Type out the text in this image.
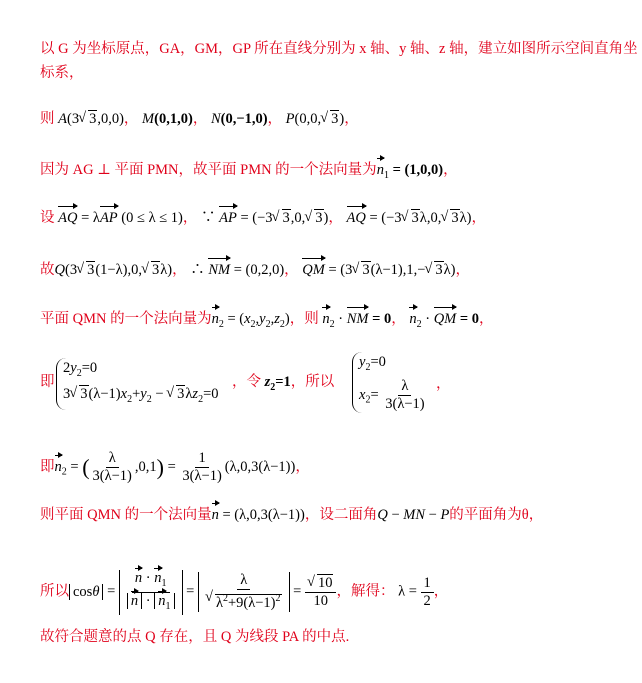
以 G 为坐标原点，GA，GM，GP 所在直线分别为 x 轴、y 轴、z 轴，建立如图所示空间直角坐
标系，
则 A(3 √ 3,0,0)， M(0,1,0)， N(0,−1,0)， P(0,0, √ 3)，
因为 AG ⊥ 平面 PMN，故平面 PMN 的一个法向量为$n_1 = (1,0,0)$，
设 AQ = λAP (0 ≤ λ ≤ 1)， ∵ AP = (−3 √ 3,0, √ 3)， AQ = (−3 √ 3λ,0, √ 3λ)，
故Q(3 √ 3(1−λ),0, √ 3λ)， ∴ NM = (0,2,0)， QM = (3 √ 3(λ−1),1,− √ 3λ)，
平面 QMN 的一个法向量为$n_2 = (x_2,y_2,z_2)$，则 $n_2$ · NM = 0， $n_2$ · QM = 0，
即
$2y_2=0$
3 √ $3(\lambda-1)x_2+y_2$ − √ $3\lambda z_2=0$
，令 $z_2=1$，所以
$y_2=0$
$x_2= \frac{\lambda}{3(\lambda-1)}$ ，
即$n_2$ = ( $\frac{\lambda}{3(\lambda-1)} ,0,1) = \frac{1}{3(\lambda-1)} (\lambda,0,3(\lambda-1))$，
则平面 QMN 的一个法向量n = (λ,0,3(λ−1))，设二面角Q − MN − P的平面角为θ，
所以 $\cos\theta = \frac{n \cdot n_1}{n \cdot n_1} = \lambda$
√ $\lambda^2+9(\lambda-1)^2$ = √ $\frac{10}{10}$ ，解得： $\lambda = \frac{1}{2}$ ，
故符合题意的点 Q 存在，且 Q 为线段 PA 的中点.
